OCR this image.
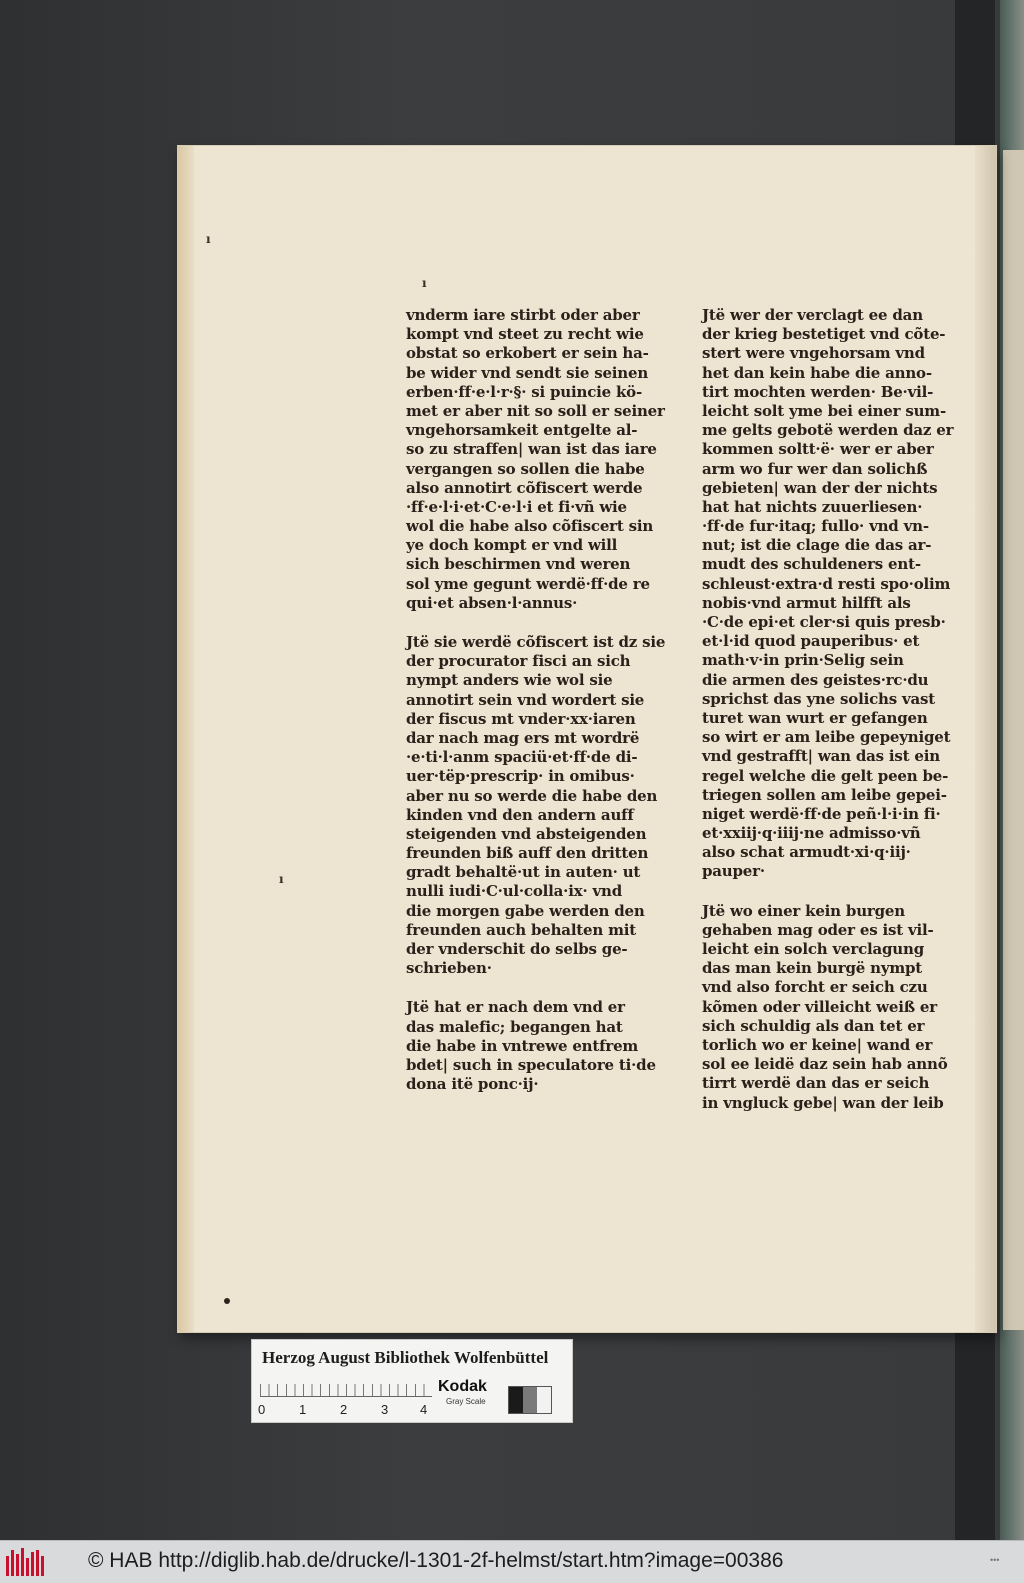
ı
ı
ı
vnderm iare stirbt oder aber
kompt vnd steet zu recht wie
obstat so erkobert er sein ha-
be wider vnd sendt sie seinen
erben·ff·e·l·r·§· si puincie kö-
met er aber nit so soll er seiner
vngehorsamkeit entgelte al-
so zu straffen| wan ist das iare
vergangen so sollen die habe
also annotirt cõfiscert werde
·ff·e·l·i·et·C·e·l·i et fi·vñ wie
wol die habe also cõfiscert sin
ye doch kompt er vnd will
sich beschirmen vnd weren
sol yme gegunt werdë·ff·de re
qui·et absen·l·annus·
Jtë sie werdë cõfiscert ist dz sie
der procurator fisci an sich
nympt anders wie wol sie
annotirt sein vnd wordert sie
der fiscus mt vnder·xx·iaren
dar nach mag ers mt wordrë
·e·ti·l·anm spaciü·et·ff·de di-
uer·tëp·prescrip· in omibus·
aber nu so werde die habe den
kinden vnd den andern auff
steigenden vnd absteigenden
freunden biß auff den dritten
gradt behaltë·ut in auten· ut
nulli iudi·C·ul·colla·ix· vnd
die morgen gabe werden den
freunden auch behalten mit
der vnderschit do selbs ge-
schrieben·
Jtë hat er nach dem vnd er
das malefic; begangen hat
die habe in vntrewe entfrem
bdet| such in speculatore ti·de
dona itë ponc·ij·
Jtë wer der verclagt ee dan
der krieg bestetiget vnd cõte-
stert were vngehorsam vnd
het dan kein habe die anno-
tirt mochten werden· Be·vil-
leicht solt yme bei einer sum-
me gelts gebotë werden daz er
kommen soltt·ë· wer er aber
arm wo fur wer dan solichß
gebieten| wan der der nichts
hat hat nichts zuuerliesen·
·ff·de fur·itaq; fullo· vnd vn-
nut; ist die clage die das ar-
mudt des schuldeners ent-
schleust·extra·d resti spo·olim
nobis·vnd armut hilfft als
·C·de epi·et cler·si quis presb·
et·l·id quod pauperibus· et
math·v·in prin·Selig sein
die armen des geistes·rc·du
sprichst das yne solichs vast
turet wan wurt er gefangen
so wirt er am leibe gepeyniget
vnd gestrafft| wan das ist ein
regel welche die gelt peen be-
triegen sollen am leibe gepei-
niget werdë·ff·de peñ·l·i·in fi·
et·xxiij·q·iiij·ne admisso·vñ
also schat armudt·xi·q·iij·
pauper·
Jtë wo einer kein burgen
gehaben mag oder es ist vil-
leicht ein solch verclagung
das man kein burgë nympt
vnd also forcht er seich czu
kõmen oder villeicht weiß er
sich schuldig als dan tet er
torlich wo er keine| wand er
sol ee leidë daz sein hab annõ
tirrt werdë dan das er seich
in vngluck gebe| wan der leib
Herzog August Bibliothek Wolfenbüttel
0	1	2	3 4
Kodak
Gray Scale
© HAB http://diglib.hab.de/drucke/l-1301-2f-helmst/start.htm?image=00386	•••
